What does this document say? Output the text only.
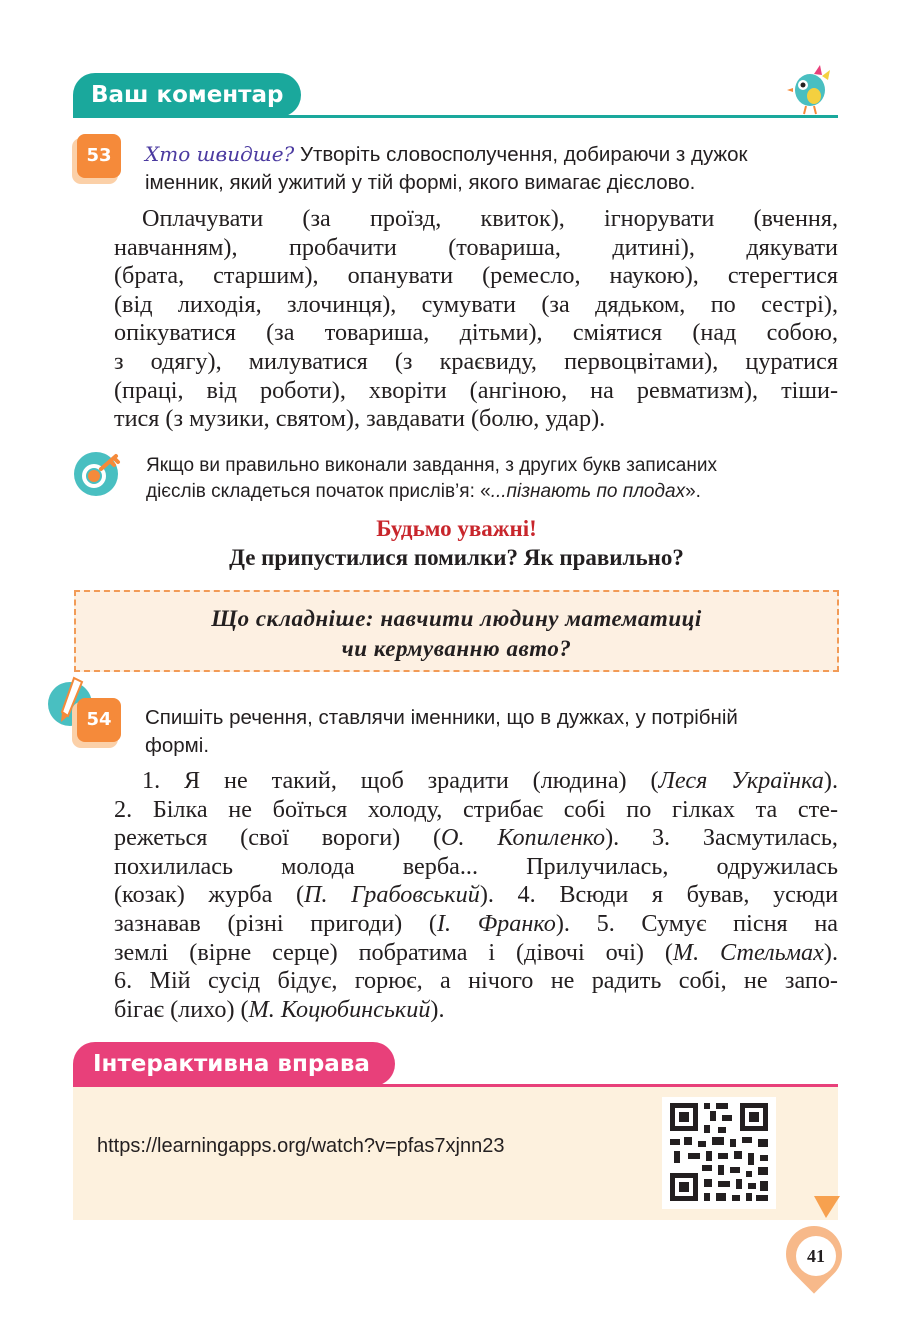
Ваш коментар
53	Хто швидше? Утворіть словосполучення, добираючи з дужок
іменник, який ужитий у тій формі, якого вимагає дієслово.
Оплачувати (за проїзд, квиток), ігнорувати (вчення,
навчанням), пробачити (товариша, дитині), дякувати
(брата, старшим), опанувати (ремесло, наукою), стерегтися
(від лиходія, злочинця), сумувати (за дядьком, по сестрі),
опікуватися (за товариша, дітьми), сміятися (над собою,
з одягу), милуватися (з краєвиду, первоцвітами), цуратися
(праці, від роботи), хворіти (ангіною, на ревматизм), тіши-
тися (з музики, святом), завдавати (болю, удар).
Якщо ви правильно виконали завдання, з других букв записаних
дієслів складеться початок прислів’я: «...пізнають по плодах».
Будьмо уважні!
Де припустилися помилки? Як правильно?
Що складніше: навчити людину математиці
чи кермуванню авто?
54	Спишіть речення, ставлячи іменники, що в дужках, у потрібній
формі.
1. Я не такий, щоб зрадити (людина) (Леся Українка).
2. Білка не боїться холоду, стрибає собі по гілках та сте-
режеться (свої вороги) (О. Копиленко). 3. Засмутилась,
похилилась молода верба... Прилучилась, одружилась
(козак) журба (П. Грабовський). 4. Всюди я бував, усюди
зазнавав (різні пригоди) (І. Франко). 5. Сумує пісня на
землі (вірне серце) побратима і (дівочі очі) (М. Стельмах).
6. Мій сусід бідує, горює, а нічого не радить собі, не запо-
бігає (лихо) (М. Коцюбинський).
Інтерактивна вправа
https://learningapps.org/watch?v=pfas7xjnn23
41
